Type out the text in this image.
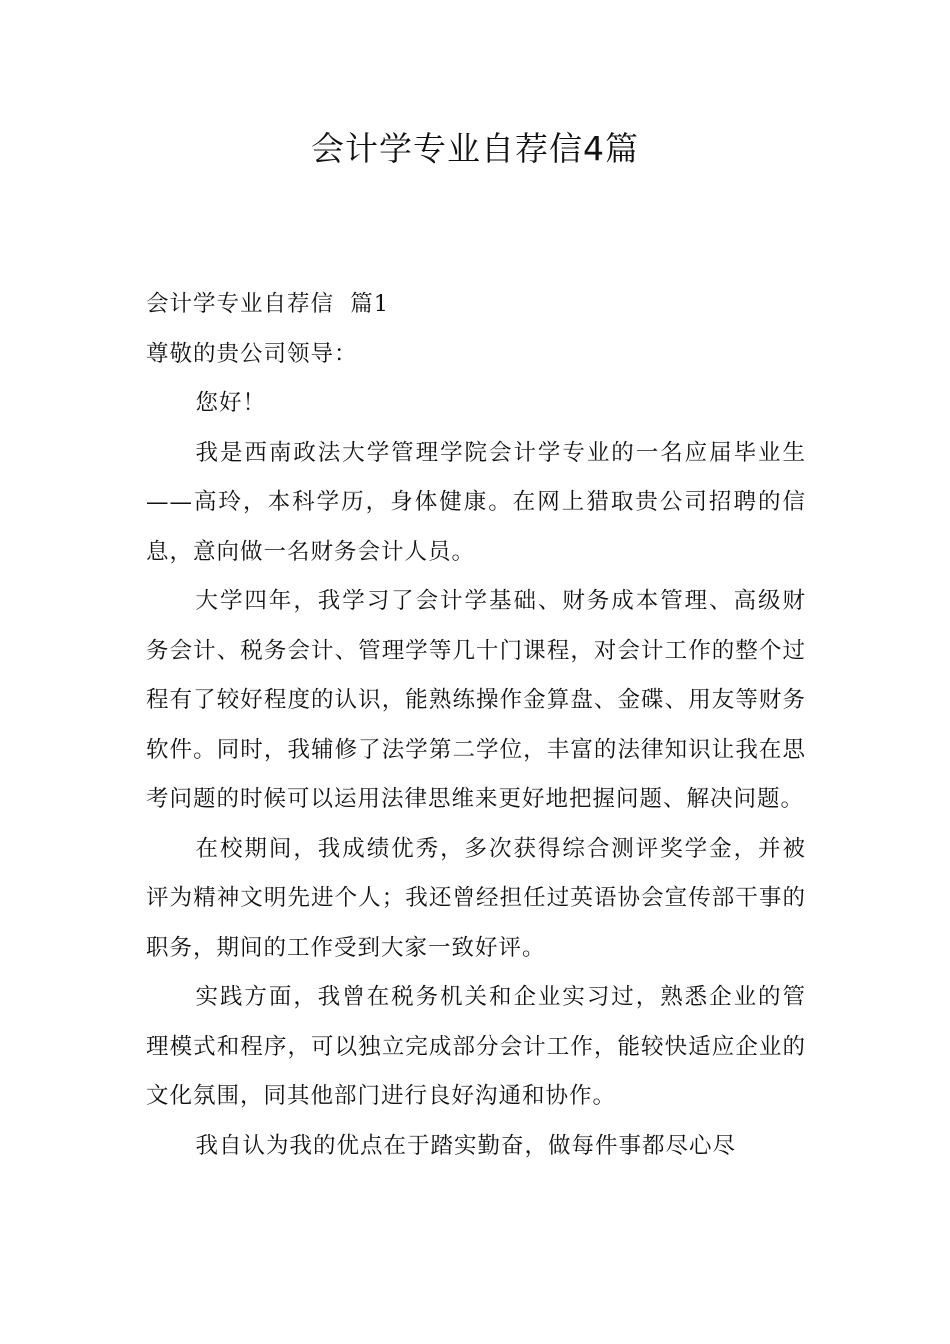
会计学专业自荐信4篇

会计学专业自荐信  篇1

尊敬的贵公司领导：

您好！

我是西南政法大学管理学院会计学专业的一名应届毕业生——高玲，本科学历，身体健康。在网上猎取贵公司招聘的信息，意向做一名财务会计人员。

大学四年，我学习了会计学基础、财务成本管理、高级财务会计、税务会计、管理学等几十门课程，对会计工作的整个过程有了较好程度的认识，能熟练操作金算盘、金碟、用友等财务软件。同时，我辅修了法学第二学位，丰富的法律知识让我在思考问题的时候可以运用法律思维来更好地把握问题、解决问题。

在校期间，我成绩优秀，多次获得综合测评奖学金，并被评为精神文明先进个人；我还曾经担任过英语协会宣传部干事的职务，期间的工作受到大家一致好评。

实践方面，我曾在税务机关和企业实习过，熟悉企业的管理模式和程序，可以独立完成部分会计工作，能较快适应企业的文化氛围，同其他部门进行良好沟通和协作。

我自认为我的优点在于踏实勤奋，做每件事都尽心尽
